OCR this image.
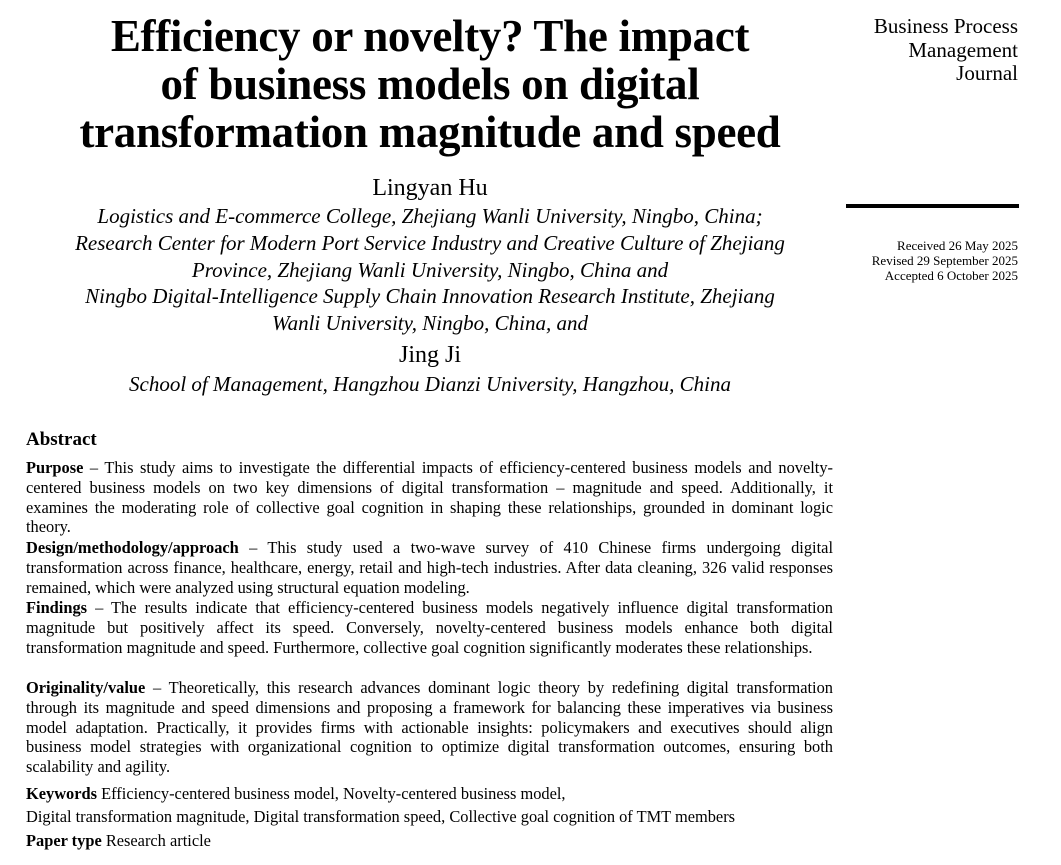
Efficiency or novelty? The impact
of business models on digital
transformation magnitude and speed
Lingyan Hu
Logistics and E-commerce College, Zhejiang Wanli University, Ningbo, China;
Research Center for Modern Port Service Industry and Creative Culture of Zhejiang
Province, Zhejiang Wanli University, Ningbo, China and
Ningbo Digital-Intelligence Supply Chain Innovation Research Institute, Zhejiang
Wanli University, Ningbo, China, and
Jing Ji
School of Management, Hangzhou Dianzi University, Hangzhou, China
Business Process
Management
Journal
Received 26 May 2025
Revised 29 September 2025
Accepted 6 October 2025
Abstract
Purpose – This study aims to investigate the differential impacts of efficiency-centered business models and novelty-centered business models on two key dimensions of digital transformation – magnitude and speed. Additionally, it examines the moderating role of collective goal cognition in shaping these relationships, grounded in dominant logic theory.
Design/methodology/approach – This study used a two-wave survey of 410 Chinese firms undergoing digital transformation across finance, healthcare, energy, retail and high-tech industries. After data cleaning, 326 valid responses remained, which were analyzed using structural equation modeling.
Findings – The results indicate that efficiency-centered business models negatively influence digital transformation magnitude but positively affect its speed. Conversely, novelty-centered business models enhance both digital transformation magnitude and speed. Furthermore, collective goal cognition significantly moderates these relationships.
Originality/value – Theoretically, this research advances dominant logic theory by redefining digital transformation through its magnitude and speed dimensions and proposing a framework for balancing these imperatives via business model adaptation. Practically, it provides firms with actionable insights: policymakers and executives should align business model strategies with organizational cognition to optimize digital transformation outcomes, ensuring both scalability and agility.
Keywords Efficiency-centered business model, Novelty-centered business model,
Digital transformation magnitude, Digital transformation speed, Collective goal cognition of TMT members
Paper type Research article
